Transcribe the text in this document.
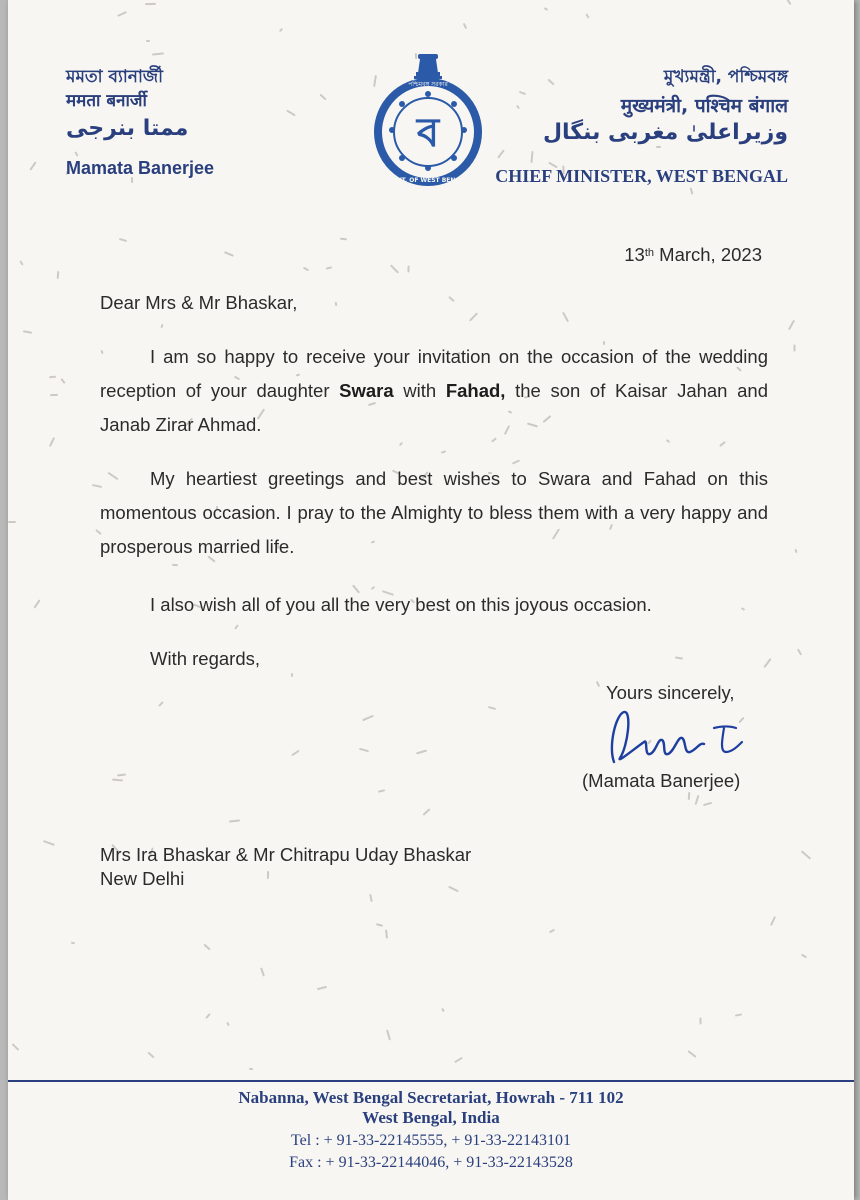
মমতা ব্যানার্জী
ममता बनार्जी
ممتا بنرجی
Mamata Banerjee
ব
পশ্চিমবঙ্গ সরকার
GOVT. OF WEST BENGAL
মুখ্যমন্ত্রী, পশ্চিমবঙ্গ
मुख्यमंत्री, पश्चिम बंगाल
وزیراعلیٰ مغربی بنگال
CHIEF MINISTER, WEST BENGAL
13th March, 2023
Dear Mrs & Mr Bhaskar,
I am so happy to receive your invitation on the occasion of the wedding reception of your daughter Swara with Fahad, the son of Kaisar Jahan and Janab Zirar Ahmad.
My heartiest greetings and best wishes to Swara and Fahad on this momentous occasion. I pray to the Almighty to bless them with a very happy and prosperous married life.
I also wish all of you all the very best on this joyous occasion.
With regards,
Yours sincerely,
(Mamata Banerjee)
Mrs Ira Bhaskar & Mr Chitrapu Uday Bhaskar
New Delhi
Nabanna, West Bengal Secretariat, Howrah - 711 102
West Bengal, India
Tel : + 91-33-22145555, + 91-33-22143101
Fax : + 91-33-22144046, + 91-33-22143528
